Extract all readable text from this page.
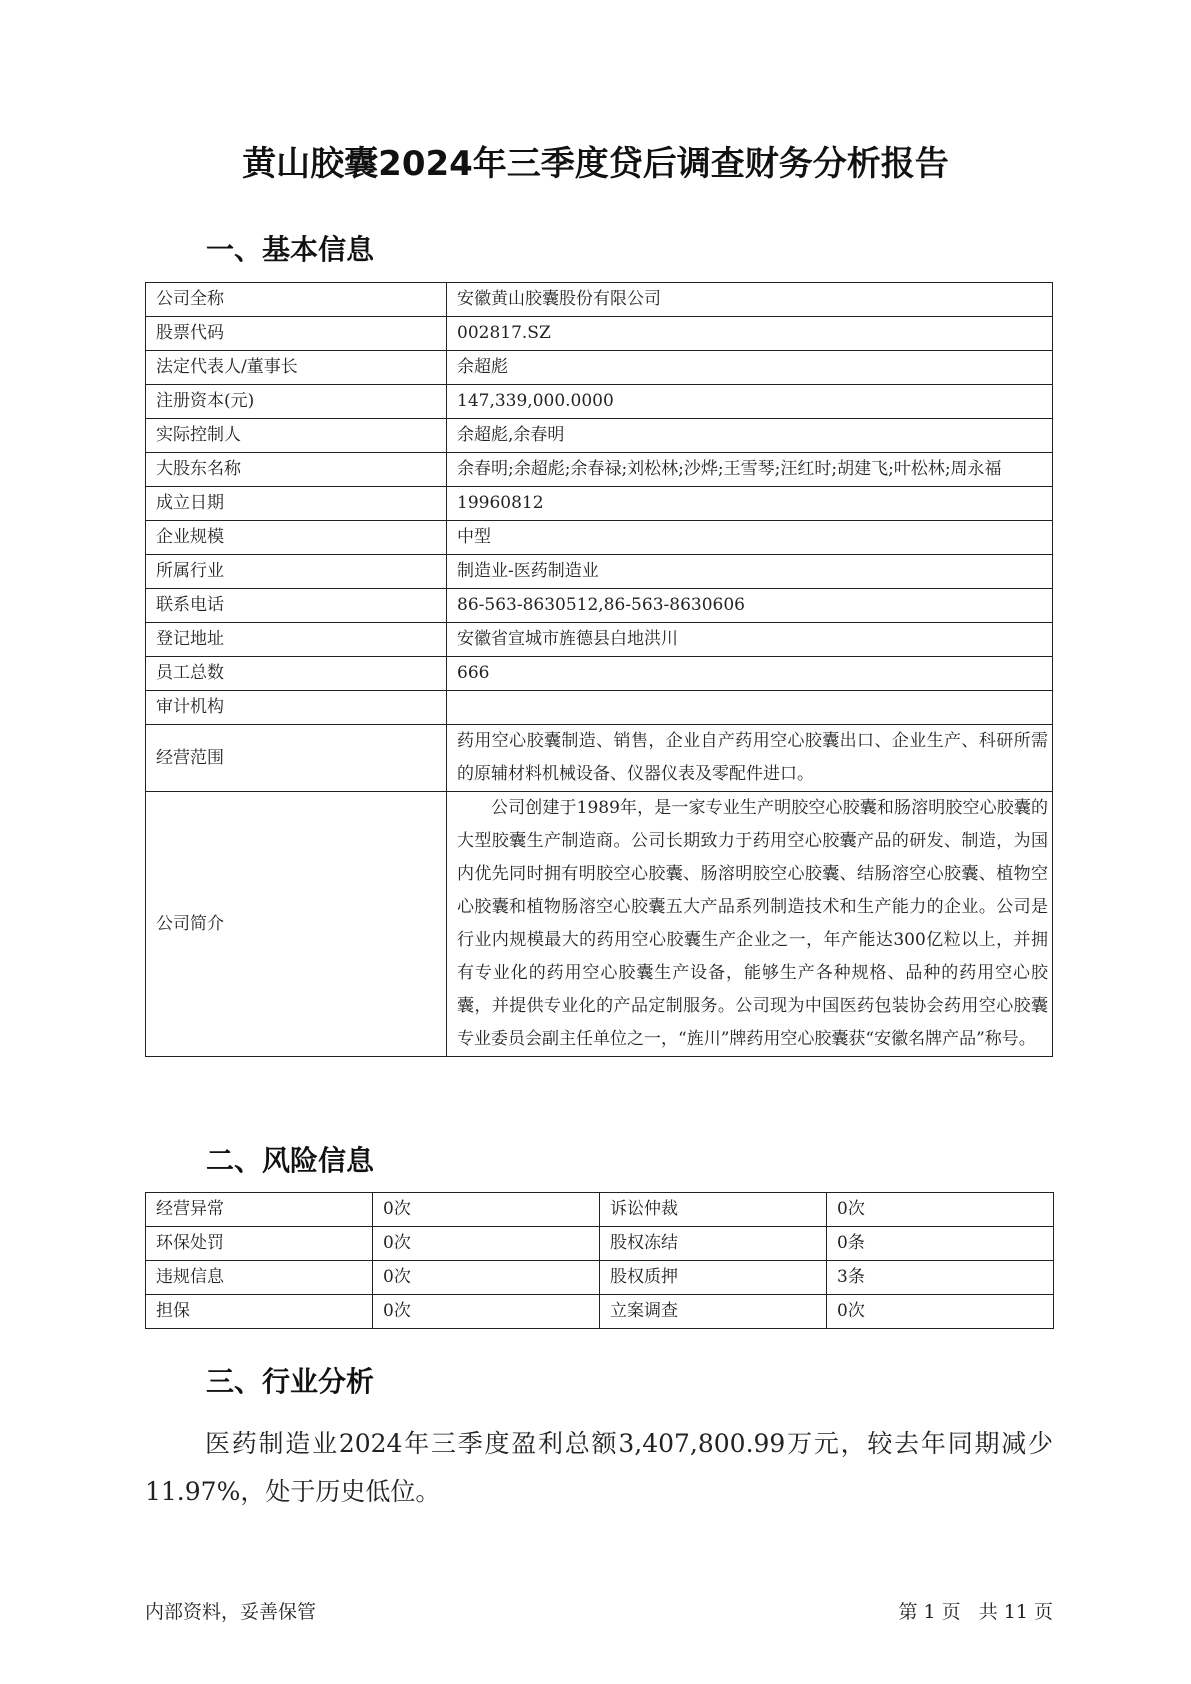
黄山胶囊2024年三季度贷后调查财务分析报告
一、基本信息
公司全称	安徽黄山胶囊股份有限公司
股票代码	002817.SZ
法定代表人/董事长	余超彪
注册资本(元)	147,339,000.0000
实际控制人	余超彪,余春明
大股东名称	余春明;余超彪;余春禄;刘松林;沙烨;王雪琴;汪红时;胡建飞;叶松林;周永福
成立日期	19960812
企业规模	中型
所属行业	制造业-医药制造业
联系电话	86-563-8630512,86-563-8630606
登记地址	安徽省宣城市旌德县白地洪川
员工总数	666
审计机构	
经营范围	药用空心胶囊制造、销售，企业自产药用空心胶囊出口、企业生产、科研所需的原辅材料机械设备、仪器仪表及零配件进口。
公司简介	公司创建于1989年，是一家专业生产明胶空心胶囊和肠溶明胶空心胶囊的大型胶囊生产制造商。公司长期致力于药用空心胶囊产品的研发、制造，为国内优先同时拥有明胶空心胶囊、肠溶明胶空心胶囊、结肠溶空心胶囊、植物空心胶囊和植物肠溶空心胶囊五大产品系列制造技术和生产能力的企业。公司是行业内规模最大的药用空心胶囊生产企业之一，年产能达300亿粒以上，并拥有专业化的药用空心胶囊生产设备，能够生产各种规格、品种的药用空心胶囊，并提供专业化的产品定制服务。公司现为中国医药包装协会药用空心胶囊专业委员会副主任单位之一，“旌川”牌药用空心胶囊获“安徽名牌产品”称号。
二、风险信息
经营异常	0次	诉讼仲裁	0次
环保处罚	0次	股权冻结	0条
违规信息	0次	股权质押	3条
担保	0次	立案调查	0次
三、行业分析
医药制造业2024年三季度盈利总额3,407,800.99万元，较去年同期减少11.97%，处于历史低位。
内部资料，妥善保管	第 1 页   共 11 页
